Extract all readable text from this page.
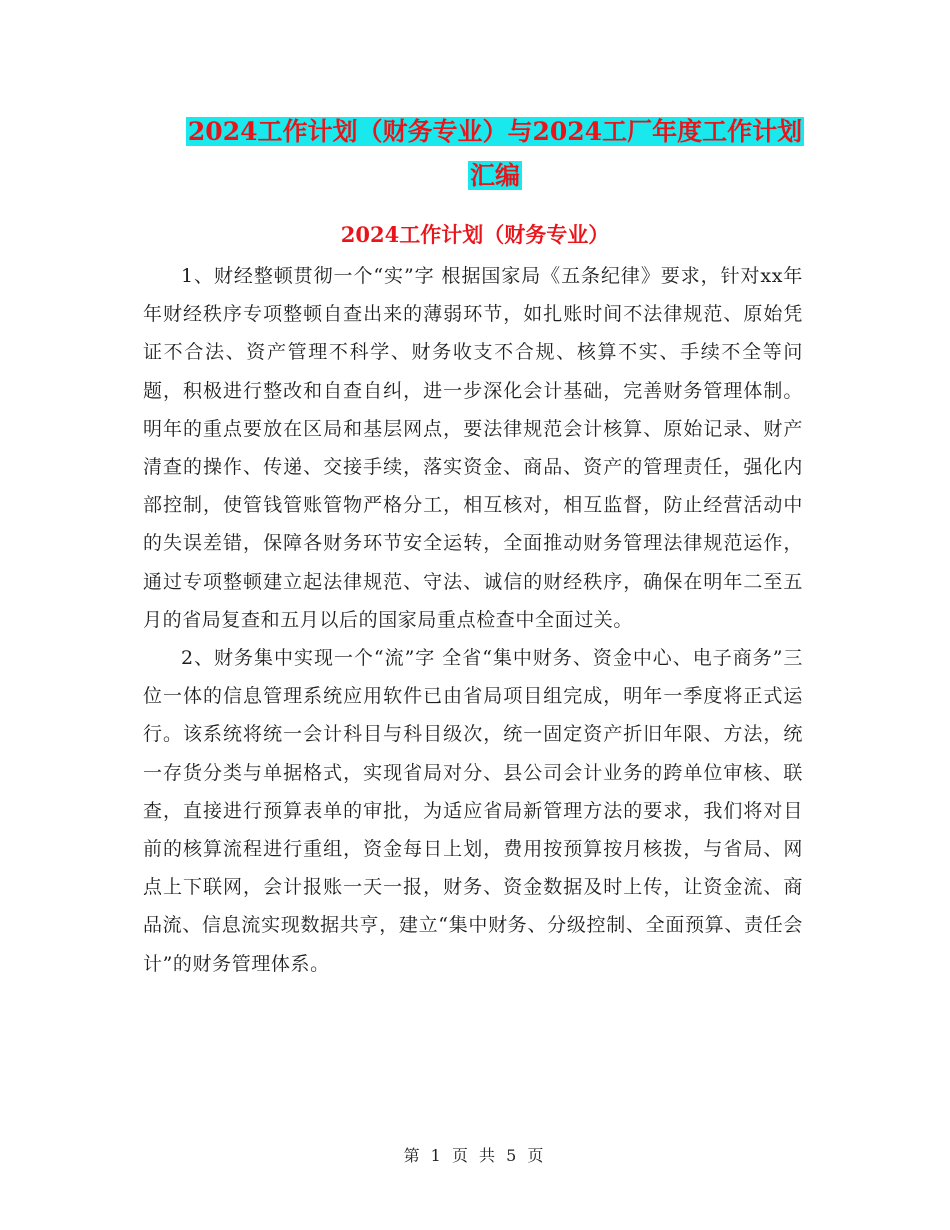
2024工作计划（财务专业）与2024工厂年度工作计划
汇编
2024工作计划（财务专业）

1、财经整顿贯彻一个“实”字 根据国家局《五条纪律》要求，针对xx年年财经秩序专项整顿自查出来的薄弱环节，如扎账时间不法律规范、原始凭证不合法、资产管理不科学、财务收支不合规、核算不实、手续不全等问题，积极进行整改和自查自纠，进一步深化会计基础，完善财务管理体制。明年的重点要放在区局和基层网点，要法律规范会计核算、原始记录、财产清查的操作、传递、交接手续，落实资金、商品、资产的管理责任，强化内部控制，使管钱管账管物严格分工，相互核对，相互监督，防止经营活动中的失误差错，保障各财务环节安全运转，全面推动财务管理法律规范运作，通过专项整顿建立起法律规范、守法、诚信的财经秩序，确保在明年二至五月的省局复查和五月以后的国家局重点检查中全面过关。

2、财务集中实现一个“流”字 全省“集中财务、资金中心、电子商务”三位一体的信息管理系统应用软件已由省局项目组完成，明年一季度将正式运行。该系统将统一会计科目与科目级次，统一固定资产折旧年限、方法，统一存货分类与单据格式，实现省局对分、县公司会计业务的跨单位审核、联查，直接进行预算表单的审批，为适应省局新管理方法的要求，我们将对目前的核算流程进行重组，资金每日上划，费用按预算按月核拨，与省局、网点上下联网，会计报账一天一报，财务、资金数据及时上传，让资金流、商品流、信息流实现数据共亨，建立“集中财务、分级控制、全面预算、责任会计”的财务管理体系。

第 1 页 共 5 页
